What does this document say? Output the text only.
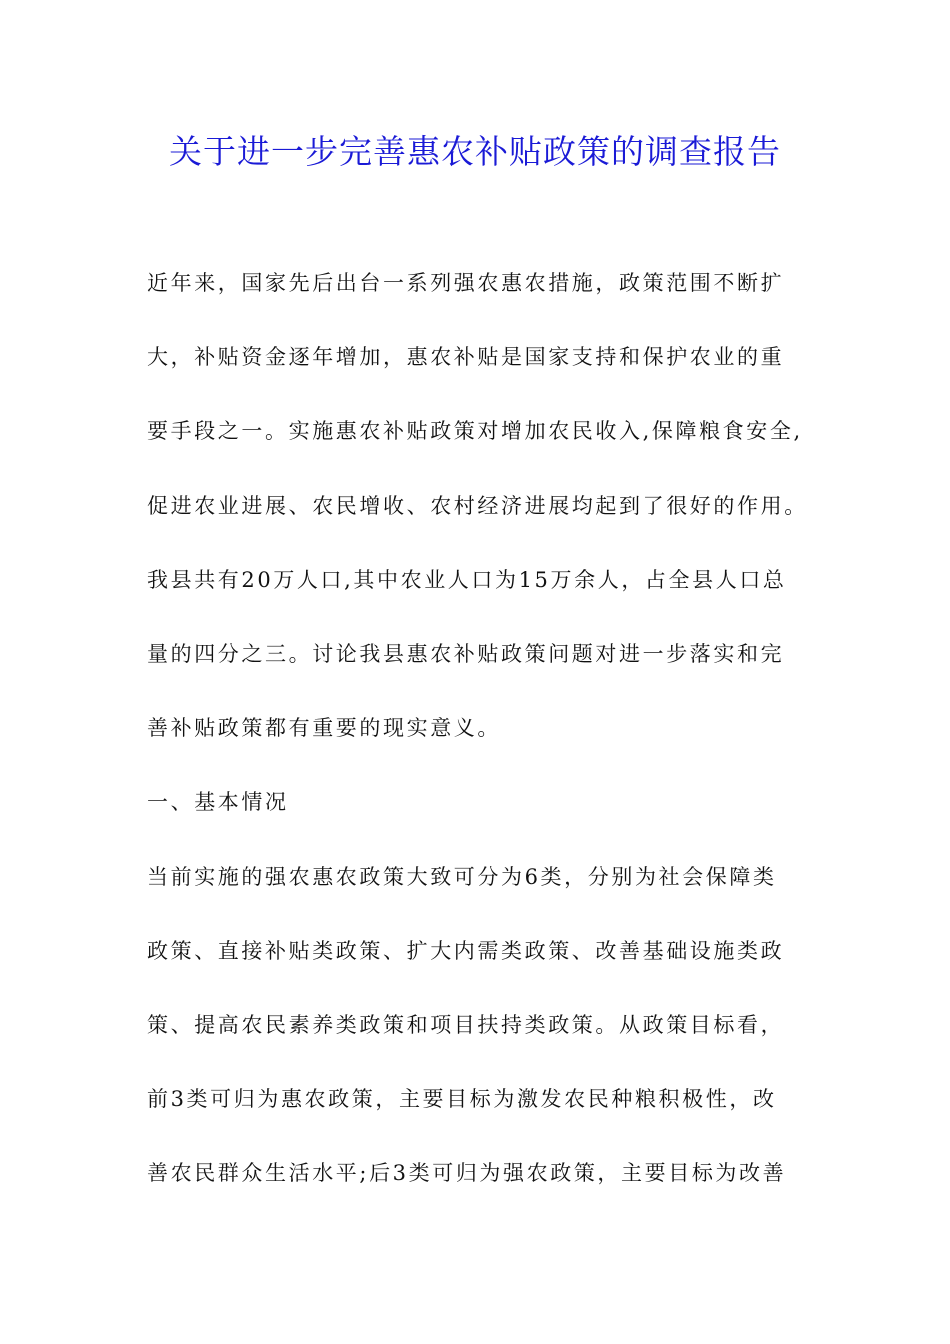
关于进一步完善惠农补贴政策的调查报告
近年来，国家先后出台一系列强农惠农措施，政策范围不断扩
大，补贴资金逐年增加，惠农补贴是国家支持和保护农业的重
要手段之一。实施惠农补贴政策对增加农民收入,保障粮食安全,
促进农业进展、农民增收、农村经济进展均起到了很好的作用。
我县共有20万人口,其中农业人口为15万余人，占全县人口总
量的四分之三。讨论我县惠农补贴政策问题对进一步落实和完
善补贴政策都有重要的现实意义。
一、基本情况
当前实施的强农惠农政策大致可分为6类，分别为社会保障类
政策、直接补贴类政策、扩大内需类政策、改善基础设施类政
策、提高农民素养类政策和项目扶持类政策。从政策目标看，
前3类可归为惠农政策，主要目标为激发农民种粮积极性，改
善农民群众生活水平;后3类可归为强农政策，主要目标为改善
